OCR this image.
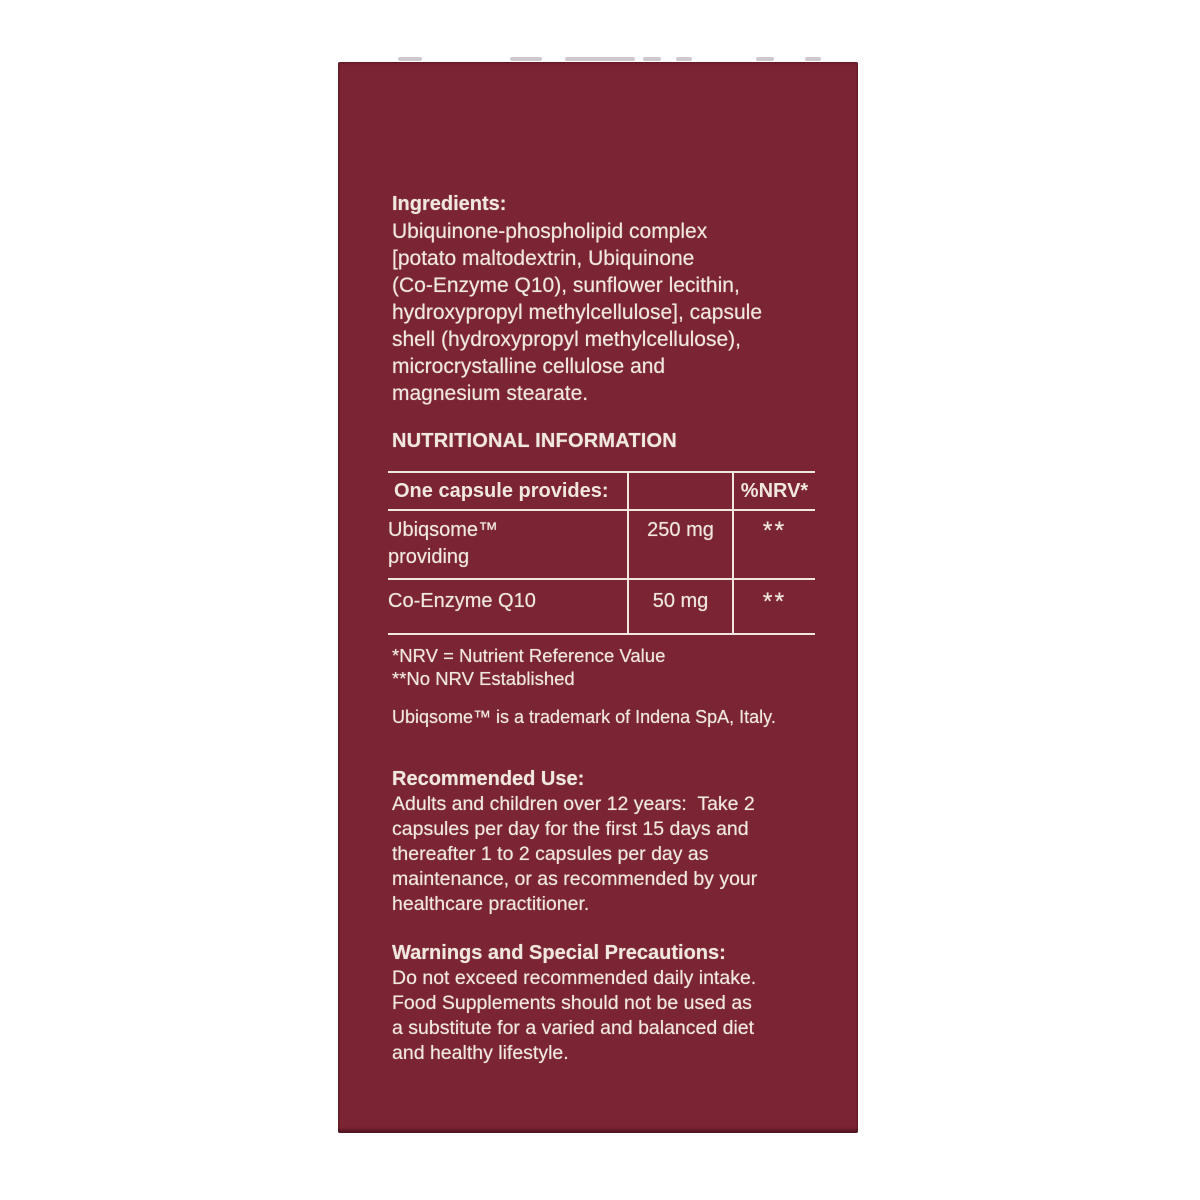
Ingredients:
Ubiquinone-phospholipid complex
[potato maltodextrin, Ubiquinone
(Co-Enzyme Q10), sunflower lecithin,
hydroxypropyl methylcellulose], capsule
shell (hydroxypropyl methylcellulose),
microcrystalline cellulose and
magnesium stearate.
NUTRITIONAL INFORMATION
One capsule provides:		%NRV*

Ubiqsome™
providing	250 mg	**

Co-Enzyme Q10	50 mg	**
*NRV = Nutrient Reference Value
**No NRV Established
Ubiqsome™ is a trademark of Indena SpA, Italy.
Recommended Use:
Adults and children over 12 years:  Take 2
capsules per day for the first 15 days and
thereafter 1 to 2 capsules per day as
maintenance, or as recommended by your
healthcare practitioner.
Warnings and Special Precautions:
Do not exceed recommended daily intake.
Food Supplements should not be used as
a substitute for a varied and balanced diet
and healthy lifestyle.
